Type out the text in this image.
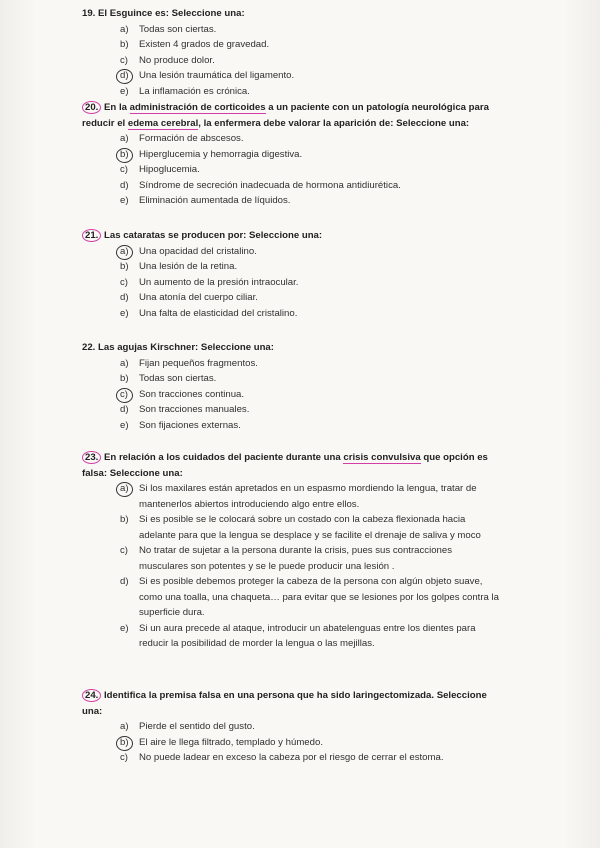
19. El Esguince es: Seleccione una:
a)	Todas son ciertas.
b)	Existen 4 grados de gravedad.
c)	No produce dolor.
d)	Una lesión traumática del ligamento.
e)	La inflamación es crónica.
20. En la administración de corticoides a un paciente con un patología neurológica para reducir el edema cerebral, la enfermera debe valorar la aparición de: Seleccione una:
a)	Formación de abscesos.
b)	Hiperglucemia y hemorragia digestiva.
c)	Hipoglucemia.
d)	Síndrome de secreción inadecuada de hormona antidiurética.
e)	Eliminación aumentada de líquidos.
21. Las cataratas se producen por: Seleccione una:
a)	Una opacidad del cristalino.
b)	Una lesión de la retina.
c)	Un aumento de la presión intraocular.
d)	Una atonía del cuerpo ciliar.
e)	Una falta de elasticidad del cristalino.
22. Las agujas Kirschner: Seleccione una:
a)	Fijan pequeños fragmentos.
b)	Todas son ciertas.
c)	Son tracciones continua.
d)	Son tracciones manuales.
e)	Son fijaciones externas.
23. En relación a los cuidados del paciente durante una crisis convulsiva que opción es falsa: Seleccione una:
a)	Si los maxilares están apretados en un espasmo mordiendo la lengua, tratar de mantenerlos abiertos introduciendo algo entre ellos.
b)	Si es posible se le colocará sobre un costado con la cabeza flexionada hacia adelante para que la lengua se desplace y se facilite el drenaje de saliva y moco
c)	No tratar de sujetar a la persona durante la crisis, pues sus contracciones musculares son potentes y se le puede producir una lesión .
d)	Si es posible debemos proteger la cabeza de la persona con algún objeto suave, como una toalla, una chaqueta… para evitar que se lesiones por los golpes contra la superficie dura.
e)	Si un aura precede al ataque, introducir un abatelenguas entre los dientes para reducir la posibilidad de morder la lengua o las mejillas.
24. Identifica la premisa falsa en una persona que ha sido laringectomizada. Seleccione una:
a)	Pierde el sentido del gusto.
b)	El aire le llega filtrado, templado y húmedo.
c)	No puede ladear en exceso la cabeza por el riesgo de cerrar el estoma.
